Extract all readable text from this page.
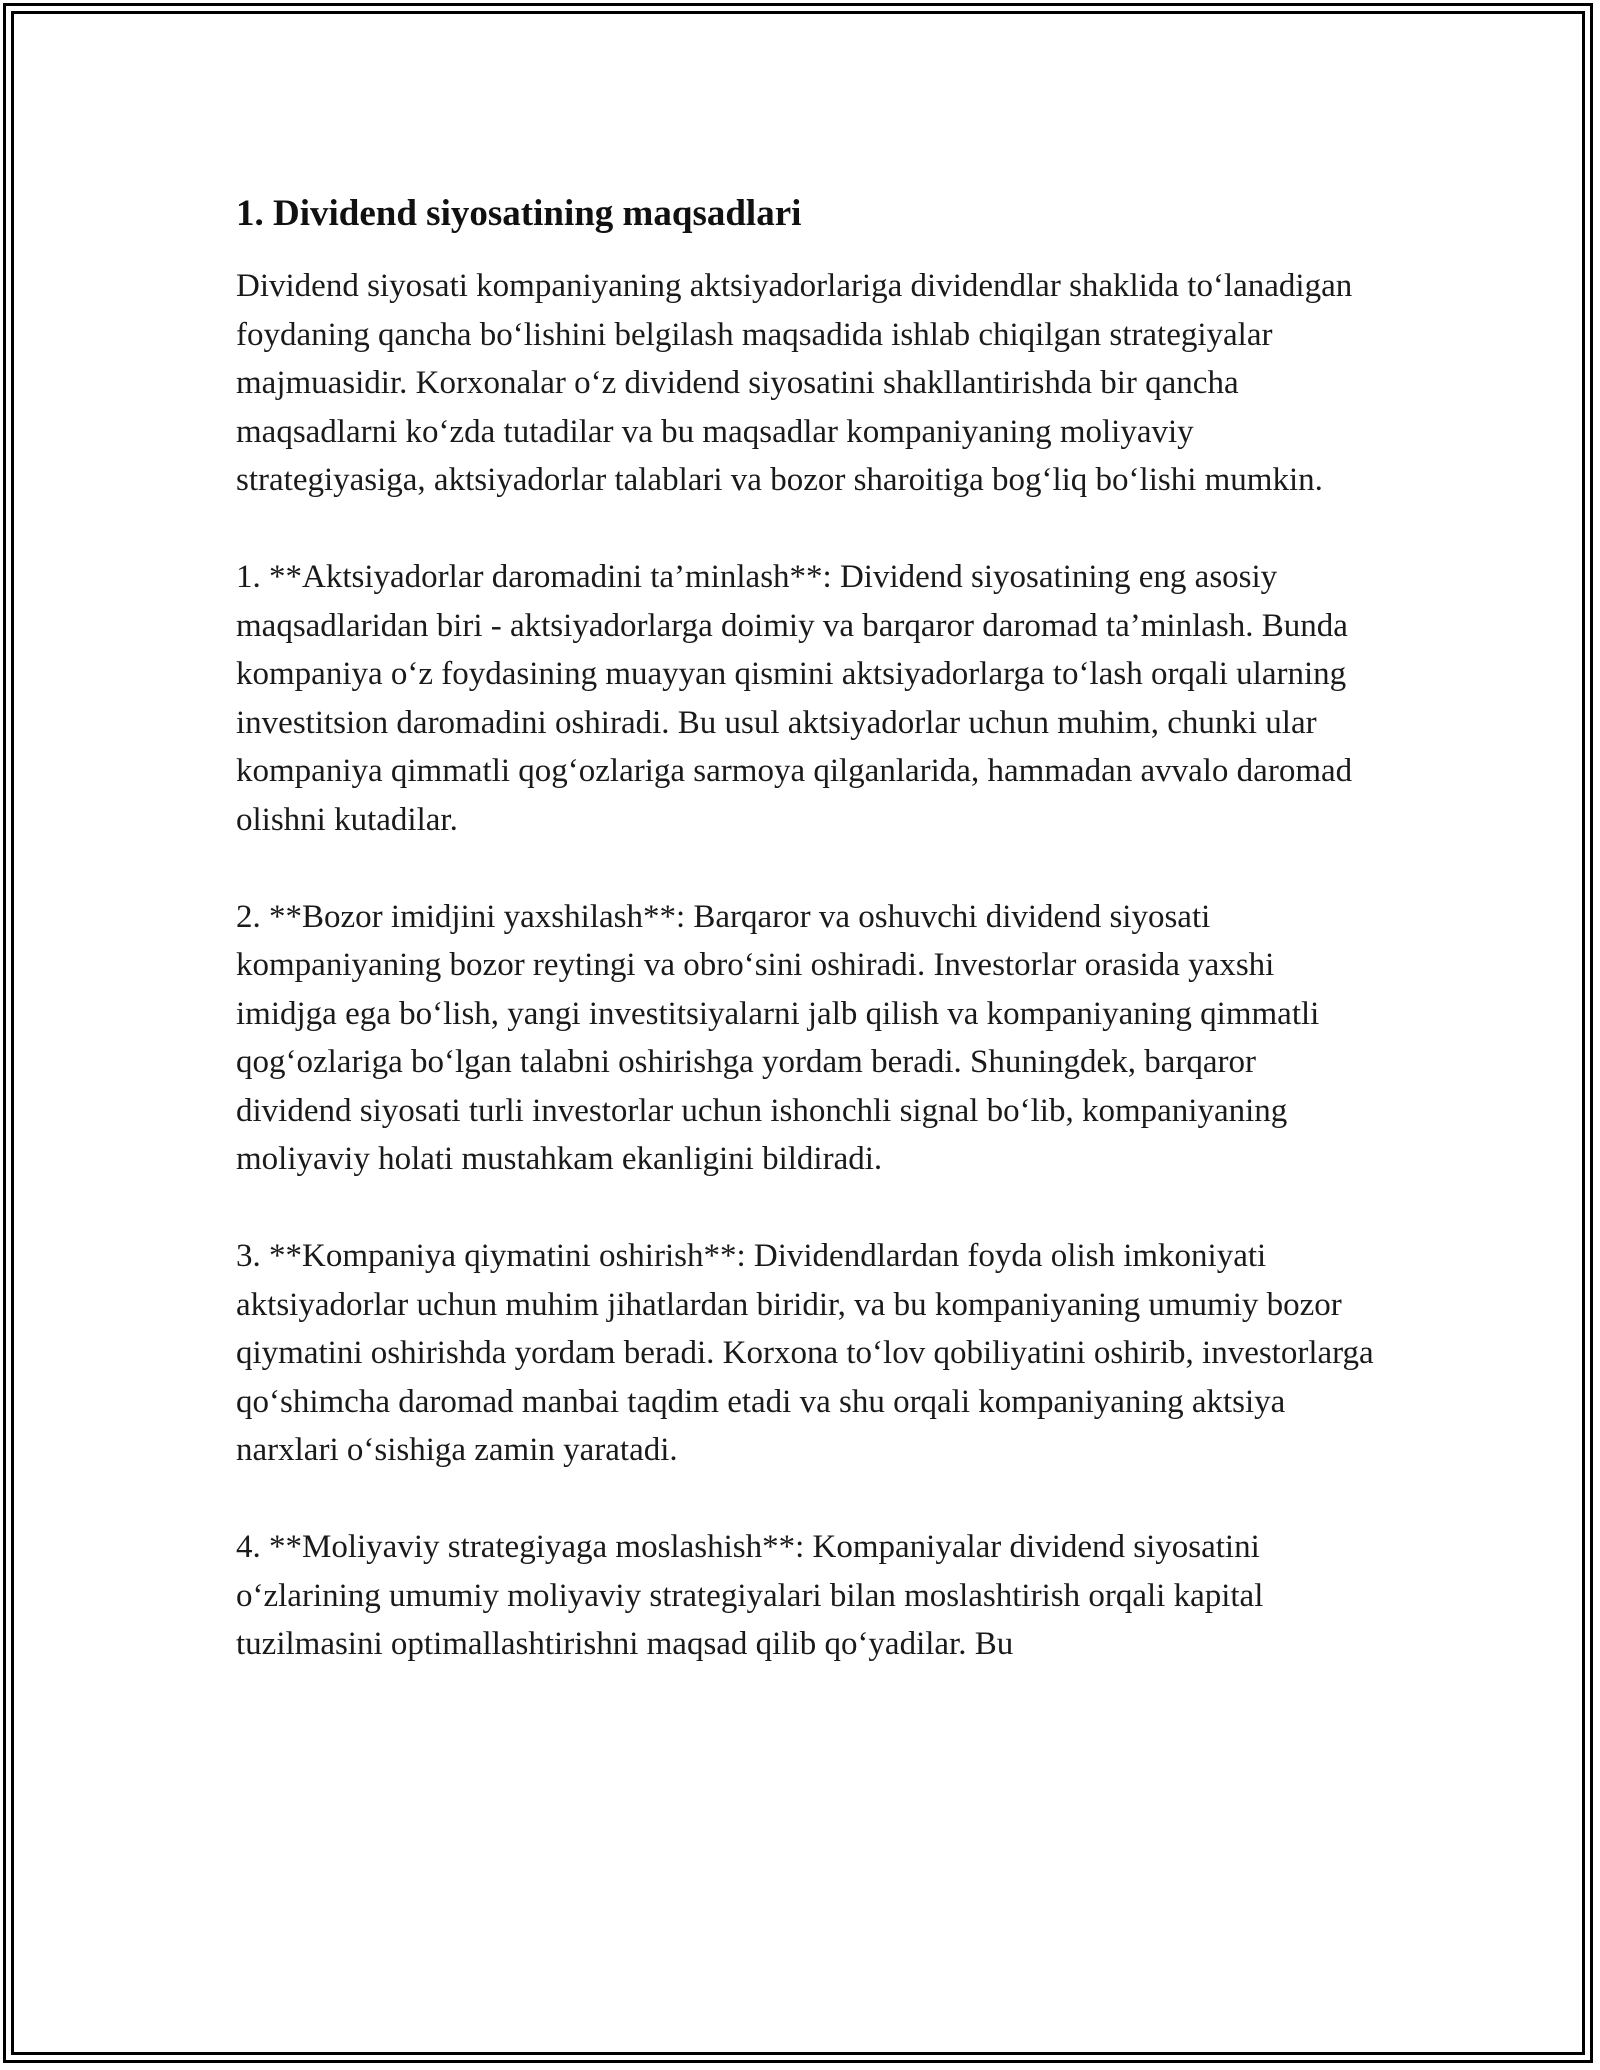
1. Dividend siyosatining maqsadlari

Dividend siyosati kompaniyaning aktsiyadorlariga dividendlar shaklida to‘lanadigan foydaning qancha bo‘lishini belgilash maqsadida ishlab chiqilgan strategiyalar majmuasidir. Korxonalar o‘z dividend siyosatini shakllantirishda bir qancha maqsadlarni ko‘zda tutadilar va bu maqsadlar kompaniyaning moliyaviy strategiyasiga, aktsiyadorlar talablari va bozor sharoitiga bog‘liq bo‘lishi mumkin.

1. **Aktsiyadorlar daromadini ta’minlash**: Dividend siyosatining eng asosiy maqsadlaridan biri - aktsiyadorlarga doimiy va barqaror daromad ta’minlash. Bunda kompaniya o‘z foydasining muayyan qismini aktsiyadorlarga to‘lash orqali ularning investitsion daromadini oshiradi. Bu usul aktsiyadorlar uchun muhim, chunki ular kompaniya qimmatli qog‘ozlariga sarmoya qilganlarida, hammadan avvalo daromad olishni kutadilar.

2. **Bozor imidjini yaxshilash**: Barqaror va oshuvchi dividend siyosati kompaniyaning bozor reytingi va obro‘sini oshiradi. Investorlar orasida yaxshi imidjga ega bo‘lish, yangi investitsiyalarni jalb qilish va kompaniyaning qimmatli qog‘ozlariga bo‘lgan talabni oshirishga yordam beradi. Shuningdek, barqaror dividend siyosati turli investorlar uchun ishonchli signal bo‘lib, kompaniyaning moliyaviy holati mustahkam ekanligini bildiradi.

3. **Kompaniya qiymatini oshirish**: Dividendlardan foyda olish imkoniyati aktsiyadorlar uchun muhim jihatlardan biridir, va bu kompaniyaning umumiy bozor qiymatini oshirishda yordam beradi. Korxona to‘lov qobiliyatini oshirib, investorlarga qo‘shimcha daromad manbai taqdim etadi va shu orqali kompaniyaning aktsiya narxlari o‘sishiga zamin yaratadi.

4. **Moliyaviy strategiyaga moslashish**: Kompaniyalar dividend siyosatini o‘zlarining umumiy moliyaviy strategiyalari bilan moslashtirish orqali kapital tuzilmasini optimallashtirishni maqsad qilib qo‘yadilar. Bu
